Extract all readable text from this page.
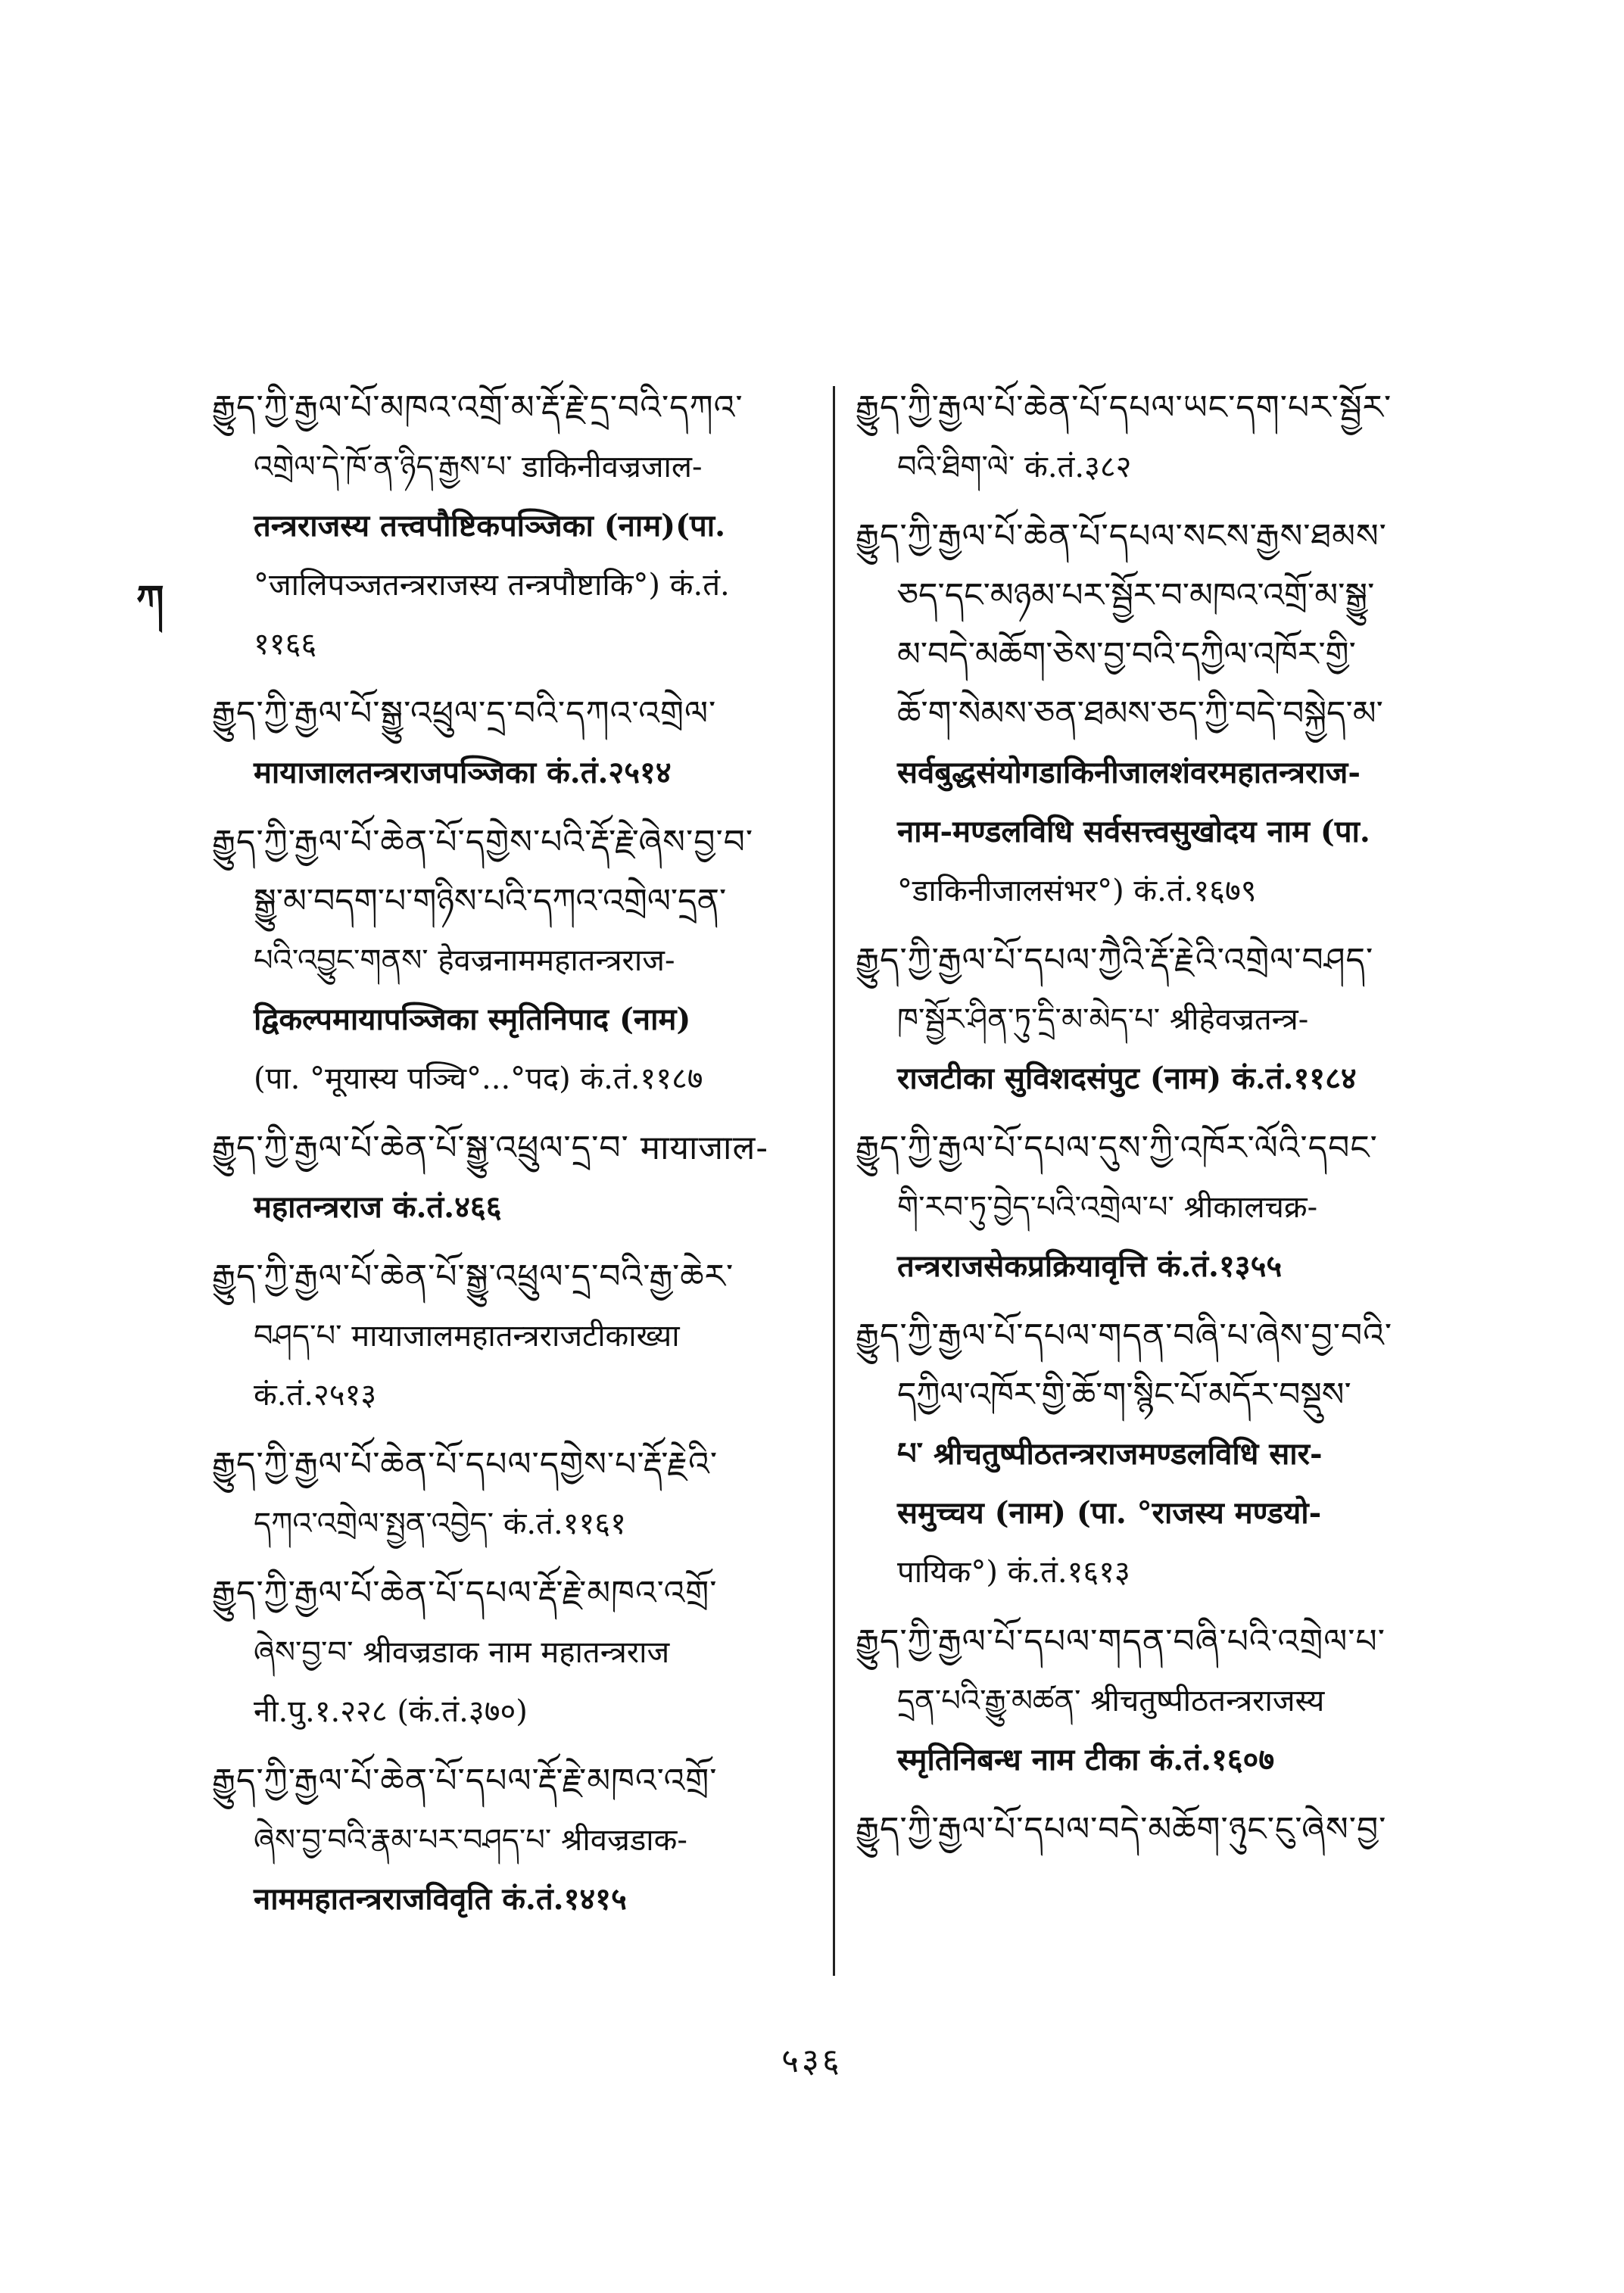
ཀ
རྒྱུད་ཀྱི་རྒྱལ་པོ་མཁའ་འགྲོ་མ་རྡོ་རྗེ་དྲ་བའི་དཀའ་
འགྲེལ་དེ་ཁོ་ན་ཉིད་རྒྱས་པ་ डाकिनीवज्रजाल-
तन्त्रराजस्य तत्त्वपौष्टिकपञ्जिका (नाम)(पा.
°जालिपञ्जतन्त्रराजस्य तन्त्रपौष्टाकि°) कं.तं.
११६६
རྒྱུད་ཀྱི་རྒྱལ་པོ་སྒྱུ་འཕྲུལ་དྲ་བའི་དཀའ་འགྲེལ་
मायाजालतन्त्रराजपञ्जिका कं.तं.२५१४
རྒྱུད་ཀྱི་རྒྱལ་པོ་ཆེན་པོ་དགྱེས་པའི་རྡོ་རྗེ་ཞེས་བྱ་བ་
སྒྱུ་མ་བདག་པ་གཉིས་པའི་དཀའ་འགྲེལ་དྲན་
པའི་འབྱུང་གནས་ हेवज्रनाममहातन्त्रराज-
द्विकल्पमायापञ्जिका स्मृतिनिपाद (नाम)
(पा. °मूयास्य पञ्चि°...°पद) कं.तं.११८७
རྒྱུད་ཀྱི་རྒྱལ་པོ་ཆེན་པོ་སྒྱུ་འཕྲུལ་དྲ་བ་ मायाजाल-
महातन्त्रराज कं.तं.४६६
རྒྱུད་ཀྱི་རྒྱལ་པོ་ཆེན་པོ་སྒྱུ་འཕྲུལ་དྲ་བའི་རྒྱ་ཆེར་
བཤད་པ་ मायाजालमहातन्त्रराजटीकाख्या
कं.तं.२५१३
རྒྱུད་ཀྱི་རྒྱལ་པོ་ཆེན་པོ་དཔལ་དགྱེས་པ་རྡོ་རྗེའི་
དཀའ་འགྲེལ་སྤྱན་འབྱེད་ कं.तं.११६१
རྒྱུད་ཀྱི་རྒྱལ་པོ་ཆེན་པོ་དཔལ་རྡོ་རྗེ་མཁའ་འགྲོ་
ཞེས་བྱ་བ་ श्रीवज्रडाक नाम महातन्त्रराज
नी.पु.१.२२८ (कं.तं.३७०)
རྒྱུད་ཀྱི་རྒྱལ་པོ་ཆེན་པོ་དཔལ་རྡོ་རྗེ་མཁའ་འགྲོ་
ཞེས་བྱ་བའི་རྣམ་པར་བཤད་པ་ श्रीवज्रडाक-
नाममहातन्त्रराजविवृति कं.तं.१४१५
རྒྱུད་ཀྱི་རྒྱལ་པོ་ཆེན་པོ་དཔལ་ཡང་དག་པར་སྦྱོར་
བའི་ཐིག་ལེ་ कं.तं.३८२
རྒྱུད་ཀྱི་རྒྱལ་པོ་ཆེན་པོ་དཔལ་སངས་རྒྱས་ཐམས་
ཅད་དང་མཉམ་པར་སྦྱོར་བ་མཁའ་འགྲོ་མ་སྒྱུ་
མ་བདེ་མཆོག་ཅེས་བྱ་བའི་དཀྱིལ་འཁོར་གྱི་
ཆོ་ག་སེམས་ཅན་ཐམས་ཅད་ཀྱི་བདེ་བསྐྱེད་མ་
सर्वबुद्धसंयोगडाकिनीजालशंवरमहातन्त्रराज-
नाम-मण्डलविधि सर्वसत्त्वसुखोदय नाम (पा.
°डाकिनीजालसंभर°) कं.तं.१६७९
རྒྱུད་ཀྱི་རྒྱལ་པོ་དཔལ་ཀྱཻའི་རྡོ་རྗེའི་འགྲེལ་བཤད་
ཁ་སྦྱོར་ཤིན་ཏུ་དྲི་མ་མེད་པ་ श्रीहेवज्रतन्त्र-
राजटीका सुविशदसंपुट (नाम) कं.तं.११८४
རྒྱུད་ཀྱི་རྒྱལ་པོ་དཔལ་དུས་ཀྱི་འཁོར་ལོའི་དབང་
གི་རབ་ཏུ་བྱེད་པའི་འགྲེལ་པ་ श्रीकालचक्र-
तन्त्रराजसेकप्रक्रियावृत्ति कं.तं.१३५५
རྒྱུད་ཀྱི་རྒྱལ་པོ་དཔལ་གདན་བཞི་པ་ཞེས་བྱ་བའི་
དཀྱིལ་འཁོར་གྱི་ཆོ་ག་སྙིང་པོ་མདོར་བསྡུས་
པ་ श्रीचतुष्पीठतन्त्रराजमण्डलविधि सार-
समुच्चय (नाम) (पा. °राजस्य मण्डयो-
पायिक°) कं.तं.१६१३
རྒྱུད་ཀྱི་རྒྱལ་པོ་དཔལ་གདན་བཞི་པའི་འགྲེལ་པ་
དྲན་པའི་རྒྱུ་མཚན་ श्रीचतुष्पीठतन्त्रराजस्य
स्मृतिनिबन्ध नाम टीका कं.तं.१६०७
རྒྱུད་ཀྱི་རྒྱལ་པོ་དཔལ་བདེ་མཆོག་ཉུང་ངུ་ཞེས་བྱ་
५३६
